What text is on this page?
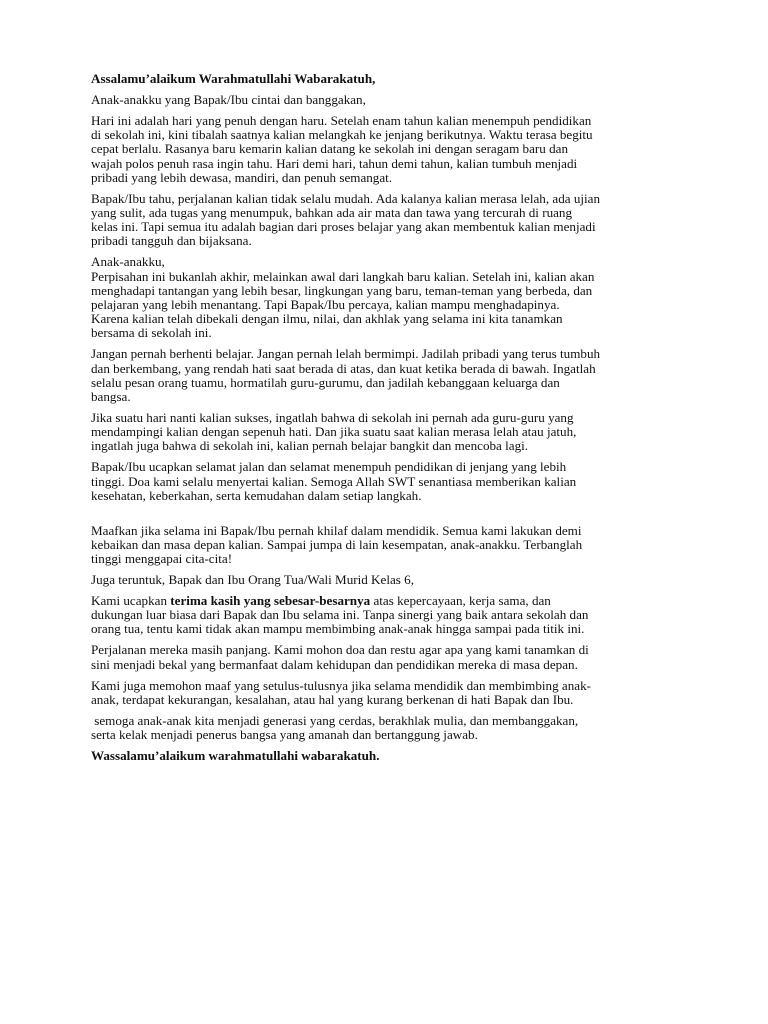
Assalamu’alaikum Warahmatullahi Wabarakatuh,

Anak-anakku yang Bapak/Ibu cintai dan banggakan,

Hari ini adalah hari yang penuh dengan haru. Setelah enam tahun kalian menempuh pendidikan
di sekolah ini, kini tibalah saatnya kalian melangkah ke jenjang berikutnya. Waktu terasa begitu
cepat berlalu. Rasanya baru kemarin kalian datang ke sekolah ini dengan seragam baru dan
wajah polos penuh rasa ingin tahu. Hari demi hari, tahun demi tahun, kalian tumbuh menjadi
pribadi yang lebih dewasa, mandiri, dan penuh semangat.

Bapak/Ibu tahu, perjalanan kalian tidak selalu mudah. Ada kalanya kalian merasa lelah, ada ujian
yang sulit, ada tugas yang menumpuk, bahkan ada air mata dan tawa yang tercurah di ruang
kelas ini. Tapi semua itu adalah bagian dari proses belajar yang akan membentuk kalian menjadi
pribadi tangguh dan bijaksana.

Anak-anakku,
Perpisahan ini bukanlah akhir, melainkan awal dari langkah baru kalian. Setelah ini, kalian akan
menghadapi tantangan yang lebih besar, lingkungan yang baru, teman-teman yang berbeda, dan
pelajaran yang lebih menantang. Tapi Bapak/Ibu percaya, kalian mampu menghadapinya.
Karena kalian telah dibekali dengan ilmu, nilai, dan akhlak yang selama ini kita tanamkan
bersama di sekolah ini.

Jangan pernah berhenti belajar. Jangan pernah lelah bermimpi. Jadilah pribadi yang terus tumbuh
dan berkembang, yang rendah hati saat berada di atas, dan kuat ketika berada di bawah. Ingatlah
selalu pesan orang tuamu, hormatilah guru-gurumu, dan jadilah kebanggaan keluarga dan
bangsa.

Jika suatu hari nanti kalian sukses, ingatlah bahwa di sekolah ini pernah ada guru-guru yang
mendampingi kalian dengan sepenuh hati. Dan jika suatu saat kalian merasa lelah atau jatuh,
ingatlah juga bahwa di sekolah ini, kalian pernah belajar bangkit dan mencoba lagi.

Bapak/Ibu ucapkan selamat jalan dan selamat menempuh pendidikan di jenjang yang lebih
tinggi. Doa kami selalu menyertai kalian. Semoga Allah SWT senantiasa memberikan kalian
kesehatan, keberkahan, serta kemudahan dalam setiap langkah.

Maafkan jika selama ini Bapak/Ibu pernah khilaf dalam mendidik. Semua kami lakukan demi
kebaikan dan masa depan kalian. Sampai jumpa di lain kesempatan, anak-anakku. Terbanglah
tinggi menggapai cita-cita!

Juga teruntuk, Bapak dan Ibu Orang Tua/Wali Murid Kelas 6,

Kami ucapkan terima kasih yang sebesar-besarnya atas kepercayaan, kerja sama, dan
dukungan luar biasa dari Bapak dan Ibu selama ini. Tanpa sinergi yang baik antara sekolah dan
orang tua, tentu kami tidak akan mampu membimbing anak-anak hingga sampai pada titik ini.

Perjalanan mereka masih panjang. Kami mohon doa dan restu agar apa yang kami tanamkan di
sini menjadi bekal yang bermanfaat dalam kehidupan dan pendidikan mereka di masa depan.

Kami juga memohon maaf yang setulus-tulusnya jika selama mendidik dan membimbing anak-
anak, terdapat kekurangan, kesalahan, atau hal yang kurang berkenan di hati Bapak dan Ibu.

semoga anak-anak kita menjadi generasi yang cerdas, berakhlak mulia, dan membanggakan,
serta kelak menjadi penerus bangsa yang amanah dan bertanggung jawab.

Wassalamu’alaikum warahmatullahi wabarakatuh.
